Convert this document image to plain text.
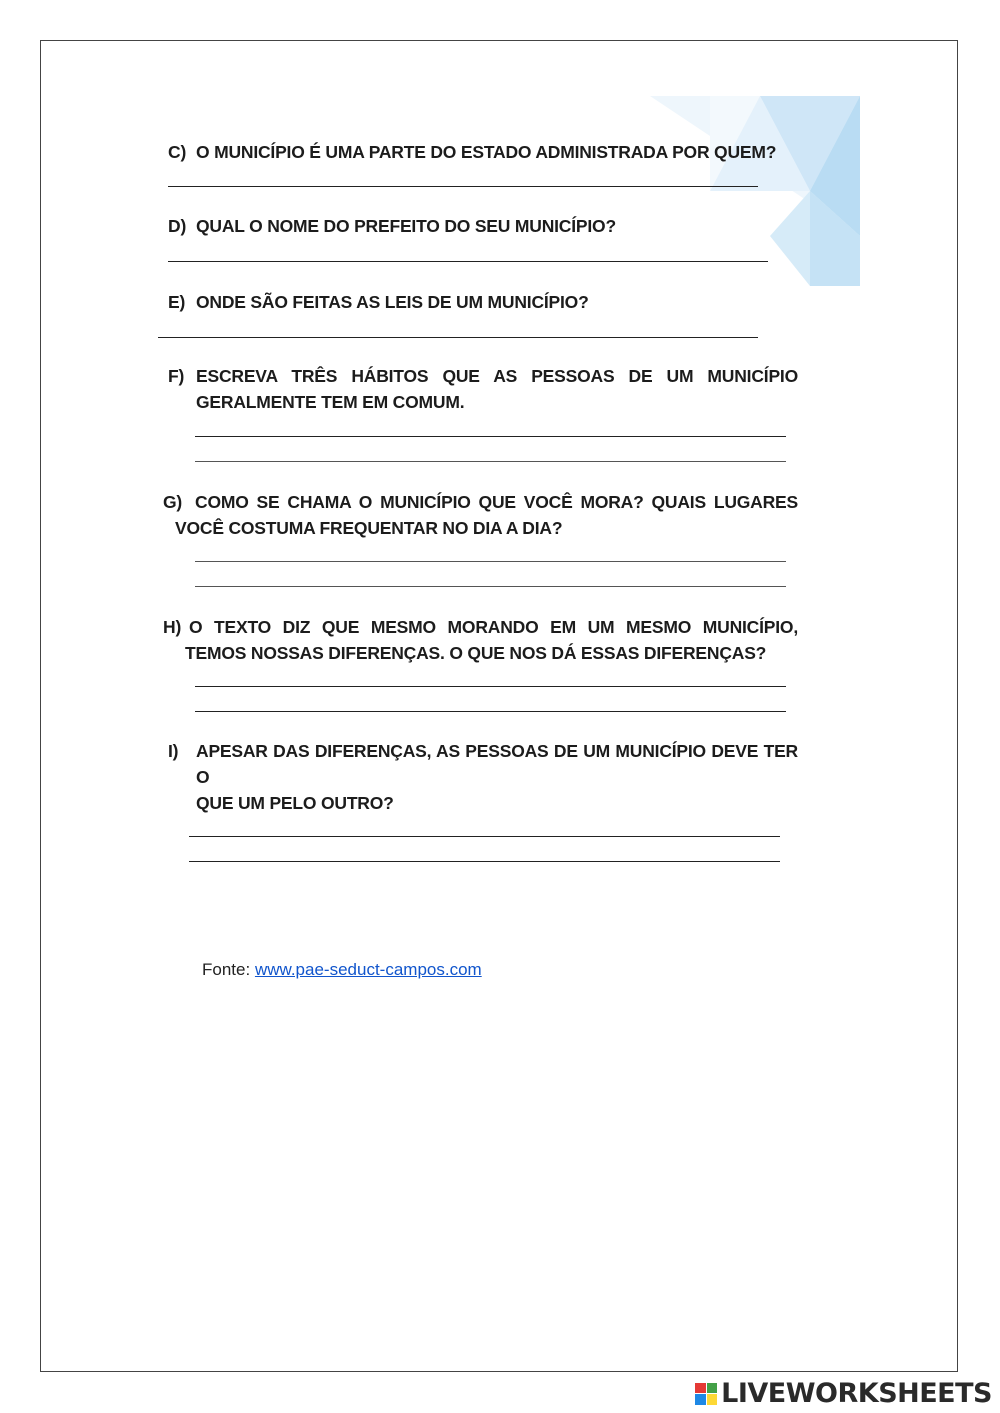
C) O MUNICÍPIO É UMA PARTE DO ESTADO ADMINISTRADA POR QUEM?
D) QUAL O NOME DO PREFEITO DO SEU MUNICÍPIO?
E) ONDE SÃO FEITAS AS LEIS DE UM MUNICÍPIO?
F) ESCREVA TRÊS HÁBITOS QUE AS PESSOAS DE UM MUNICÍPIO
GERALMENTE TEM EM COMUM.
G) COMO SE CHAMA O MUNICÍPIO QUE VOCÊ MORA? QUAIS LUGARES
VOCÊ COSTUMA FREQUENTAR NO DIA A DIA?
H) O TEXTO DIZ QUE MESMO MORANDO EM UM MESMO MUNICÍPIO,
TEMOS NOSSAS DIFERENÇAS. O QUE NOS DÁ ESSAS DIFERENÇAS?
I)	APESAR DAS DIFERENÇAS, AS PESSOAS DE UM MUNICÍPIO DEVE TER O
QUE UM PELO OUTRO?
Fonte: www.pae-seduct-campos.com
LIVEWORKSHEETS
